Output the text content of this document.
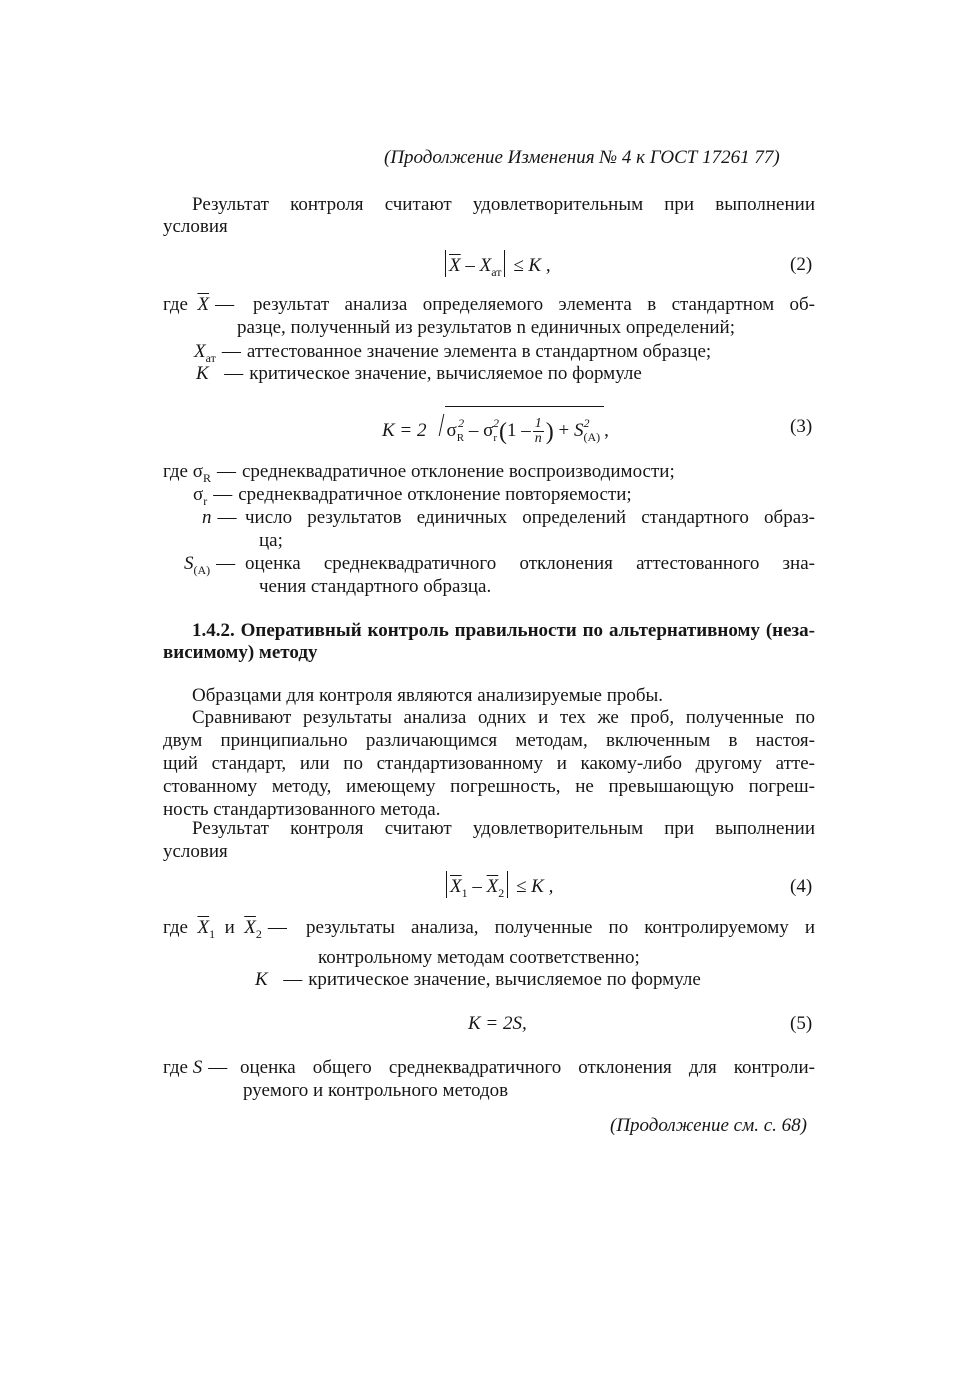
(Продолжение Изменения № 4 к ГОСТ 17261 77)
Результат контроля считают удовлетворительным при выполнении
условия
$\overline{X} - X_{ат} \le K$ ,	(2)
где $\overline{X}$ — результат анализа определяемого элемента в стандартном об-
разце, полученный из результатов n единичных определений;
$X_{ат}$ — аттестованное значение элемента в стандартном образце;
K — критическое значение, вычисляемое по формуле
K = 2 $\sigma_R^2 - \sigma_r^2(1 - \frac{1}{n}$ ) + $S^2_{(A)}$ ,	(3)
где $\sigma_R$ — среднеквадратичное отклонение воспроизводимости;
$\sigma_r$ — среднеквадратичное отклонение повторяемости;
n — число результатов единичных определений стандартного образ-
ца;
$S_{(A)}$ — оценка среднеквадратичного отклонения аттестованного зна-
чения стандартного образца.
1.4.2. Оперативный контроль правильности по альтернативному (неза-
висимому) методу
Образцами для контроля являются анализируемые пробы.
Сравнивают результаты анализа одних и тех же проб, полученные по
двум принципиально различающимся методам, включенным в настоя-
щий стандарт, или по стандартизованному и какому-либо другому атте-
стованному методу, имеющему погрешность, не превышающую погреш-
ность стандартизованного метода.
Результат контроля считают удовлетворительным при выполнении
условия
$\overline{X}_1 - \overline{X}_2 \le K$ ,	(4)
где $\overline{X}_1$ и $\overline{X}_2$ —	результаты анализа, полученные по контролируемому и
контрольному методам соответственно;
K — критическое значение, вычисляемое по формуле
K = 2S,	(5)
где S — оценка общего среднеквадратичного отклонения для контроли-
руемого и контрольного методов
(Продолжение см. с. 68)
